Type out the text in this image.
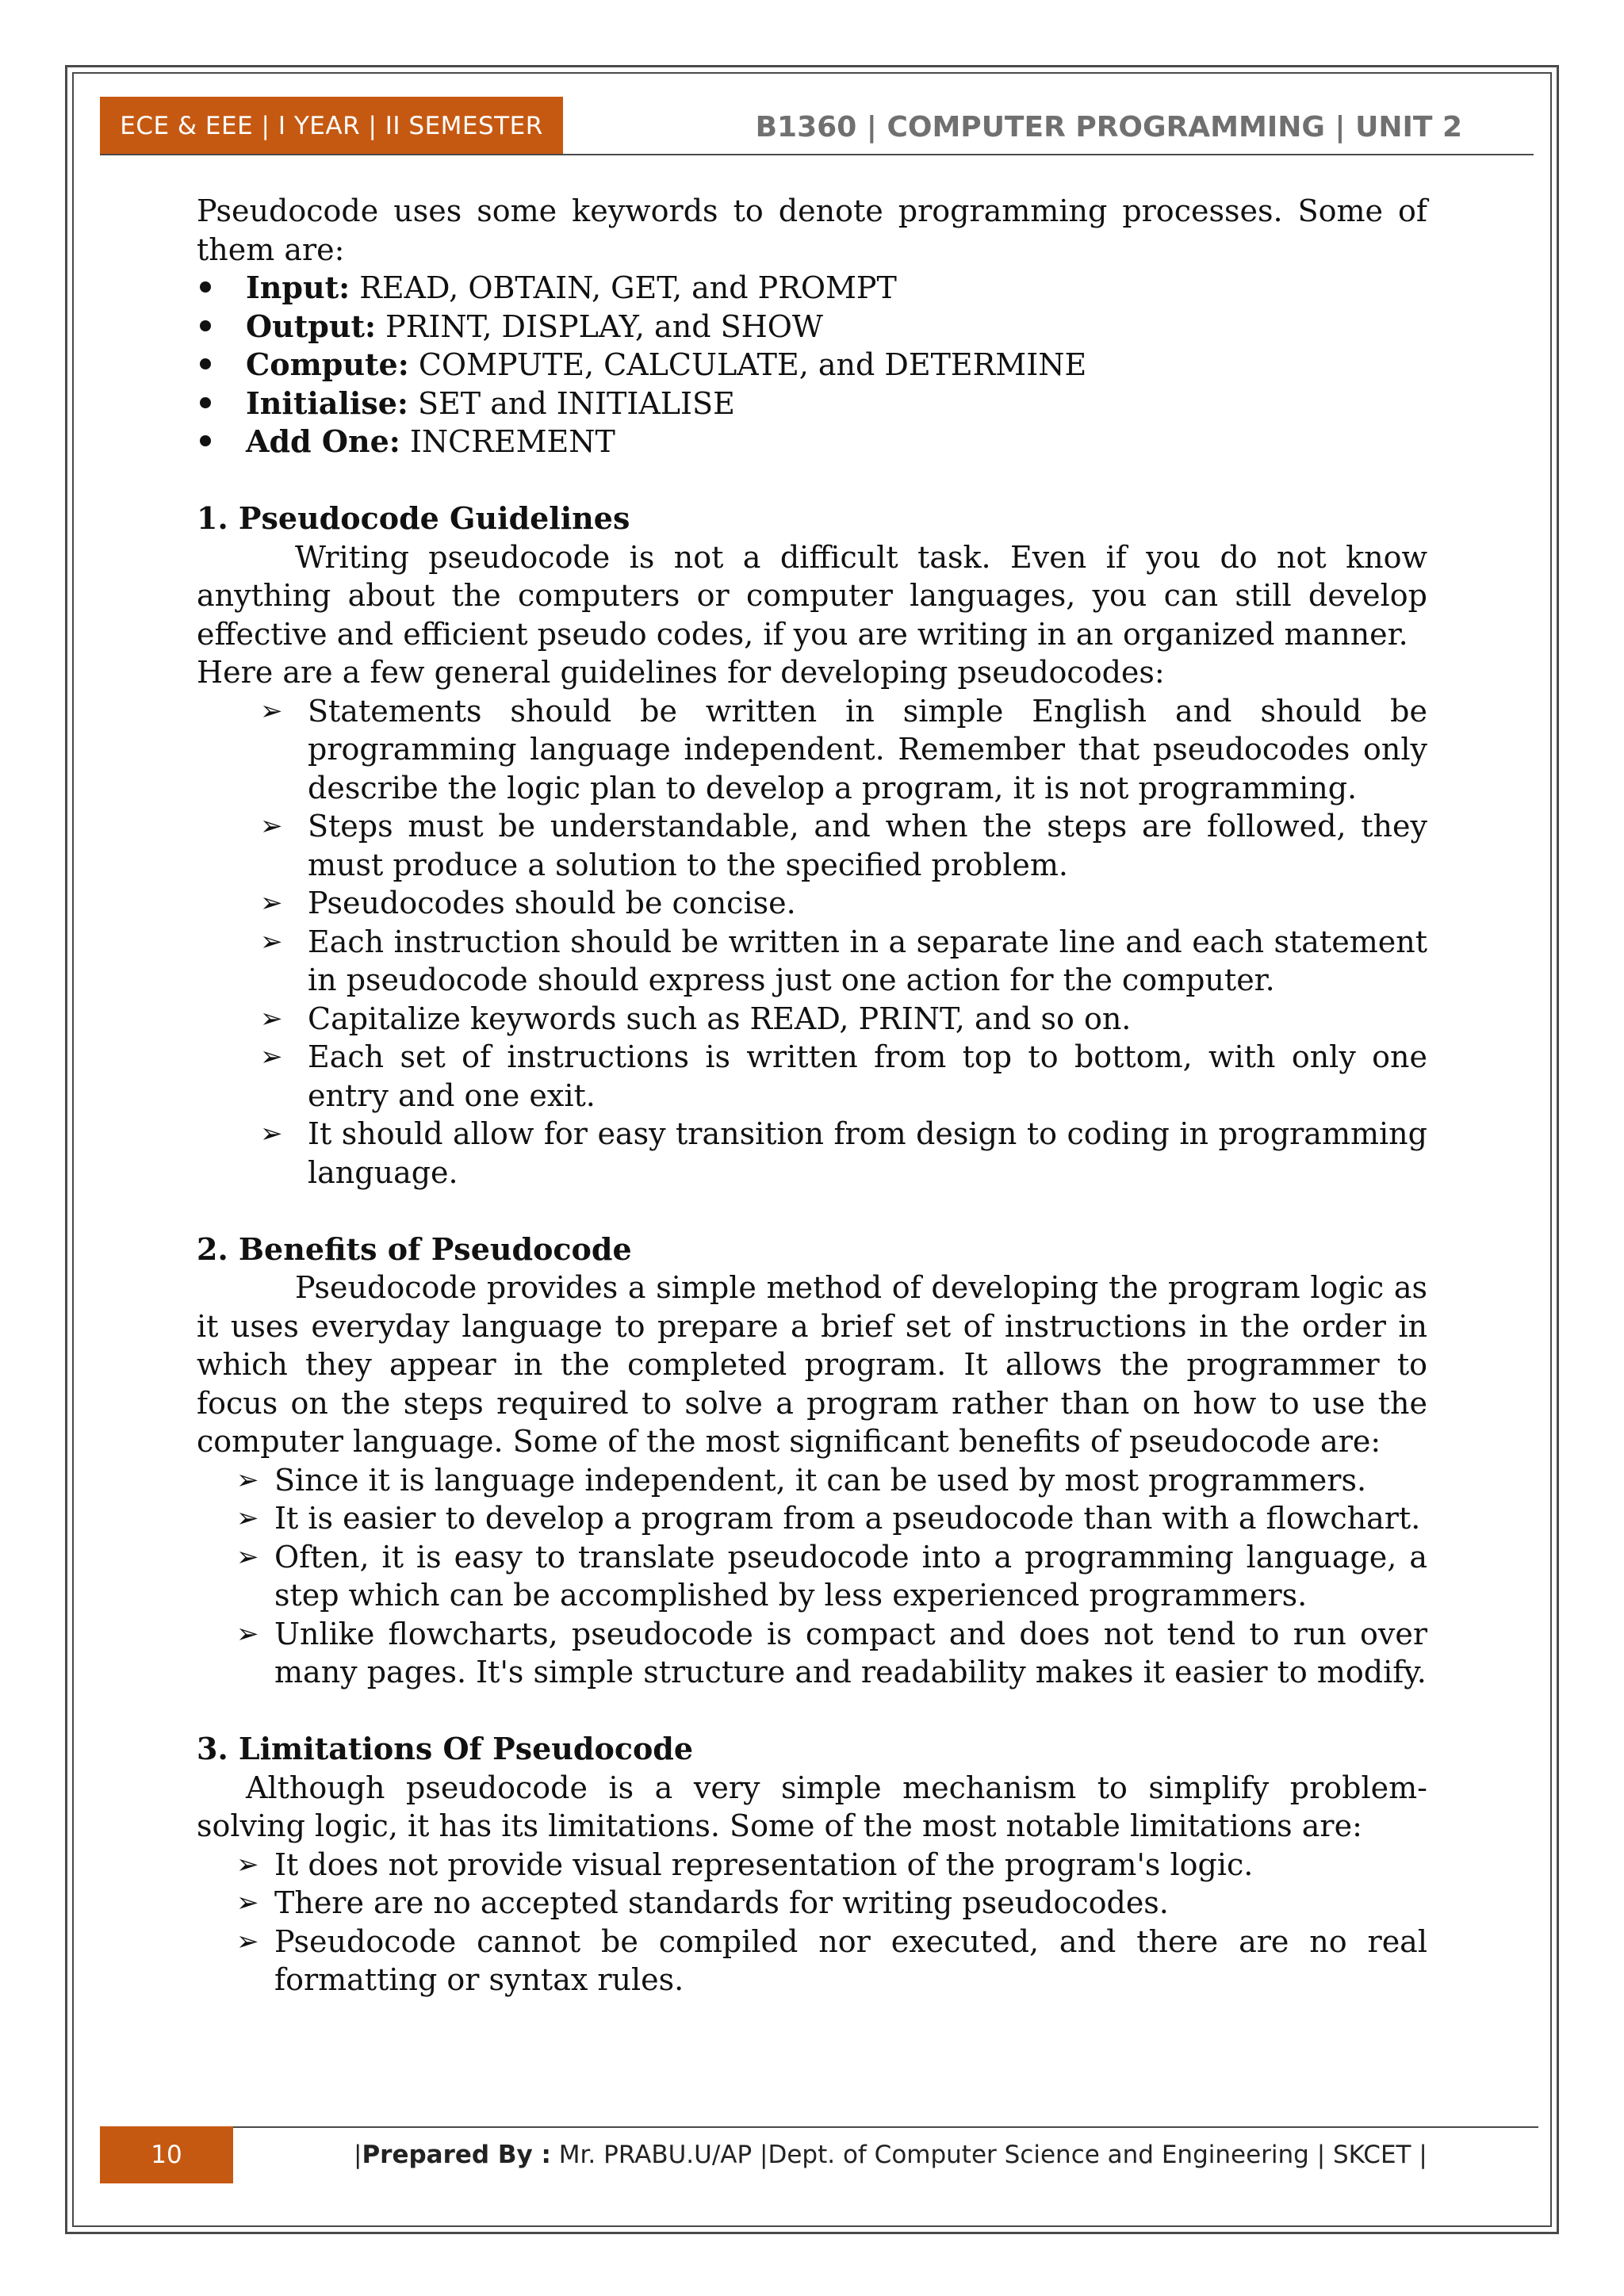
ECE & EEE | I YEAR | II SEMESTER	B1360 | COMPUTER PROGRAMMING | UNIT 2

Pseudocode uses some keywords to denote programming processes. Some of them are:

Input: READ, OBTAIN, GET, and PROMPT
Output: PRINT, DISPLAY, and SHOW
Compute: COMPUTE, CALCULATE, and DETERMINE
Initialise: SET and INITIALISE
Add One: INCREMENT

1. Pseudocode Guidelines

Writing pseudocode is not a difficult task. Even if you do not know anything about the computers or computer languages, you can still develop effective and efficient pseudo codes, if you are writing in an organized manner.

Here are a few general guidelines for developing pseudocodes:

➢ Statements should be written in simple English and should be programming language independent. Remember that pseudocodes only describe the logic plan to develop a program, it is not programming.
➢ Steps must be understandable, and when the steps are followed, they must produce a solution to the specified problem.
➢ Pseudocodes should be concise.
➢ Each instruction should be written in a separate line and each statement in pseudocode should express just one action for the computer.
➢ Capitalize keywords such as READ, PRINT, and so on.
➢ Each set of instructions is written from top to bottom, with only one entry and one exit.
➢ It should allow for easy transition from design to coding in programming language.

2. Benefits of Pseudocode

Pseudocode provides a simple method of developing the program logic as it uses everyday language to prepare a brief set of instructions in the order in which they appear in the completed program. It allows the programmer to focus on the steps required to solve a program rather than on how to use the computer language. Some of the most significant benefits of pseudocode are:

➢ Since it is language independent, it can be used by most programmers.
➢ It is easier to develop a program from a pseudocode than with a flowchart.
➢ Often, it is easy to translate pseudocode into a programming language, a step which can be accomplished by less experienced programmers.
➢ Unlike flowcharts, pseudocode is compact and does not tend to run over many pages. It's simple structure and readability makes it easier to modify.

3. Limitations Of Pseudocode

Although pseudocode is a very simple mechanism to simplify problem-solving logic, it has its limitations. Some of the most notable limitations are:

➢ It does not provide visual representation of the program's logic.
➢ There are no accepted standards for writing pseudocodes.
➢ Pseudocode cannot be compiled nor executed, and there are no real formatting or syntax rules.
10	|Prepared By : Mr. PRABU.U/AP |Dept. of Computer Science and Engineering | SKCET |
